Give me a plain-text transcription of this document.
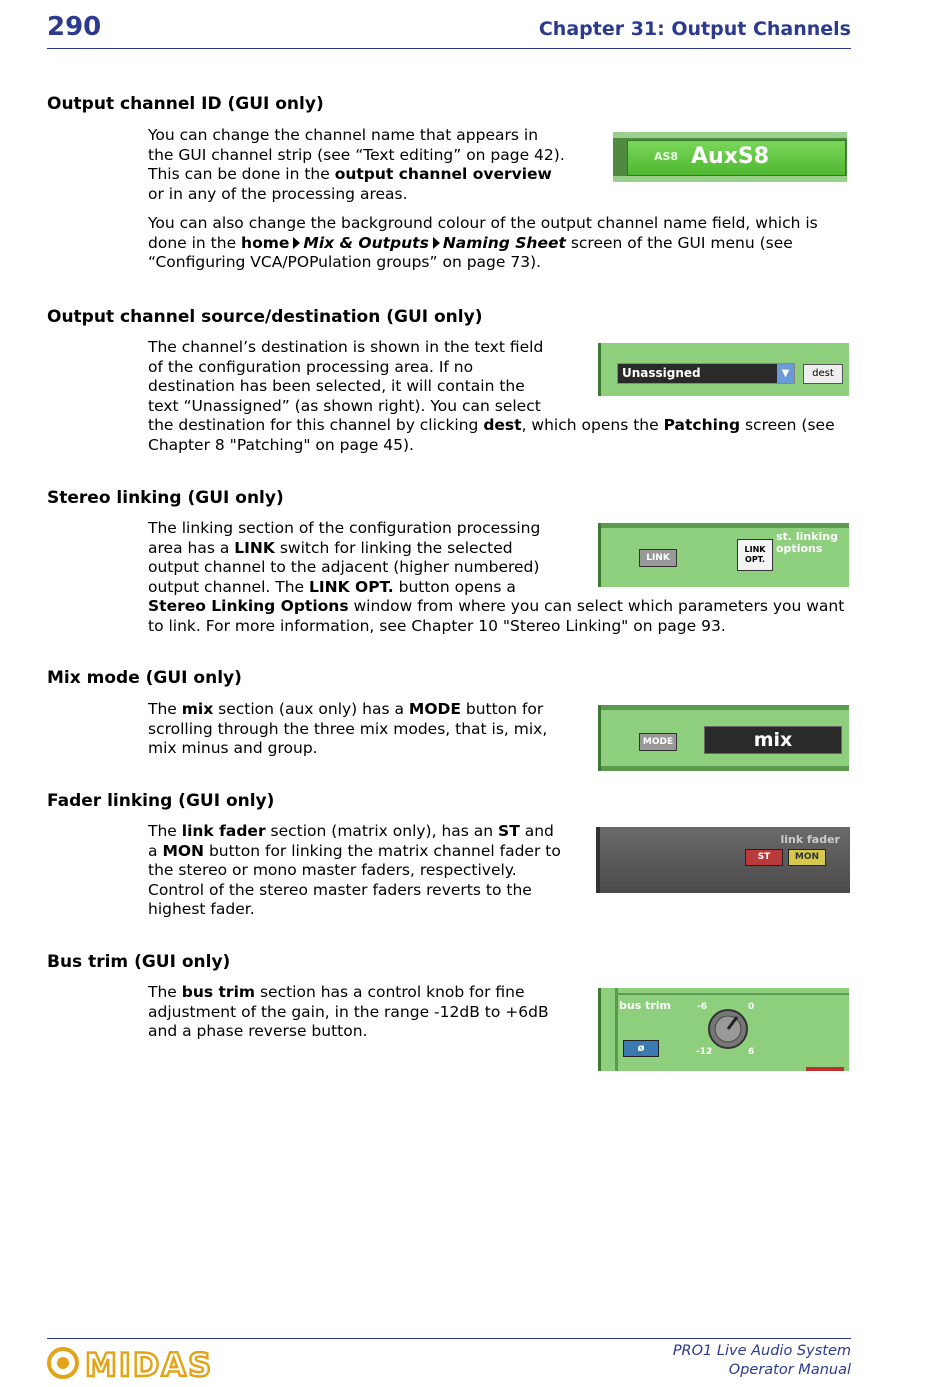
290	Chapter 31: Output Channels
Output channel ID (GUI only)
You can change the channel name that appears in the GUI channel strip (see “Text editing” on page 42). This can be done in the output channel overview or in any of the processing areas.
You can also change the background colour of the output channel name field, which is done in the home Mix & Outputs Naming Sheet screen of the GUI menu (see “Configuring VCA/POPulation groups” on page 73).
AS8 AuxS8
Output channel source/destination (GUI only)
The channel’s destination is shown in the text field
of the configuration processing area. If no
destination has been selected, it will contain the
text “Unassigned” (as shown right). You can select
the destination for this channel by clicking dest, which opens the Patching screen (see Chapter 8 "Patching" on page 45).
Unassigned	▼	dest
Stereo linking (GUI only)
The linking section of the configuration processing
area has a LINK switch for linking the selected
output channel to the adjacent (higher numbered)
output channel. The LINK OPT. button opens a
Stereo Linking Options window from where you can select which parameters you want to link. For more information, see Chapter 10 "Stereo Linking" on page 93.
LINK
LINK
OPT.
st. linking
options
Mix mode (GUI only)
The mix section (aux only) has a MODE button for scrolling through the three mix modes, that is, mix, mix minus and group.	MODE	mix
Fader linking (GUI only)
The link fader section (matrix only), has an ST and a MON button for linking the matrix channel fader to the stereo or mono master faders, respectively. Control of the stereo master faders reverts to the highest fader.
link fader
ST	MON
Bus trim (GUI only)
The bus trim section has a control knob for fine adjustment of the gain, in the range -12dB to +6dB and a phase reverse button.
bus trim
ø
-6	0
-12	6
MIDAS	PRO1 Live Audio System
Operator Manual
